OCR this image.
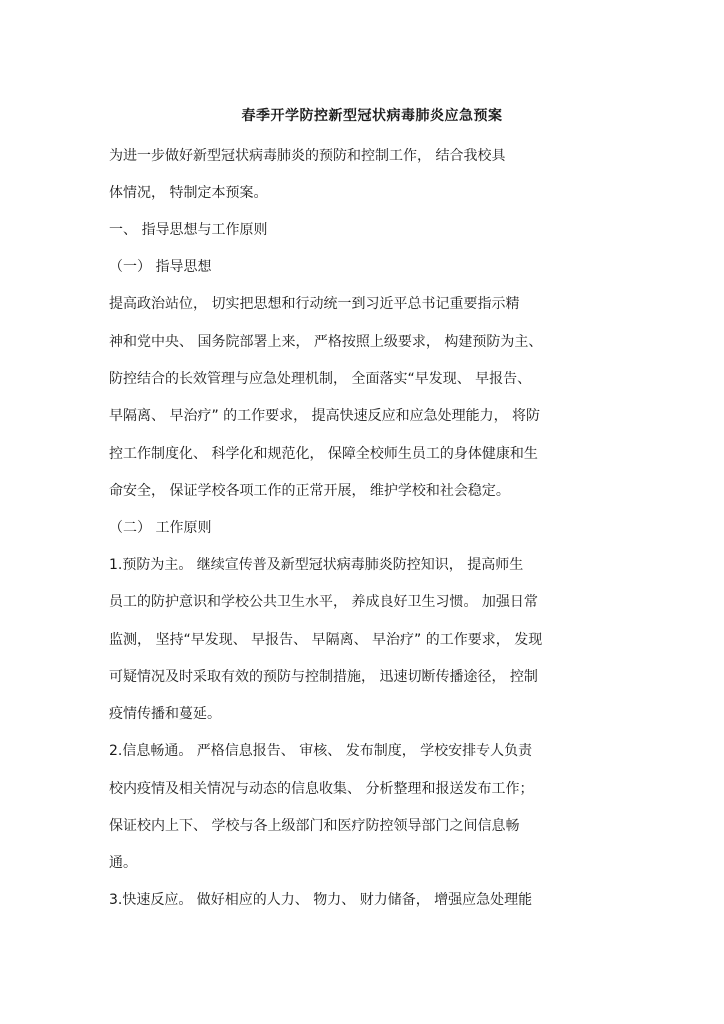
春季开学防控新型冠状病毒肺炎应急预案
为进一步做好新型冠状病毒肺炎的预防和控制工作， 结合我校具
体情况， 特制定本预案。
一、 指导思想与工作原则
（一） 指导思想
提高政治站位， 切实把思想和行动统一到习近平总书记重要指示精
神和党中央、 国务院部署上来， 严格按照上级要求， 构建预防为主、
防控结合的长效管理与应急处理机制， 全面落实“早发现、 早报告、
早隔离、 早治疗” 的工作要求， 提高快速反应和应急处理能力， 将防
控工作制度化、 科学化和规范化， 保障全校师生员工的身体健康和生
命安全， 保证学校各项工作的正常开展， 维护学校和社会稳定。
（二） 工作原则
1.预防为主。 继续宣传普及新型冠状病毒肺炎防控知识， 提高师生
员工的防护意识和学校公共卫生水平， 养成良好卫生习惯。 加强日常
监测， 坚持“早发现、 早报告、 早隔离、 早治疗” 的工作要求， 发现
可疑情况及时采取有效的预防与控制措施， 迅速切断传播途径， 控制
疫情传播和蔓延。
2.信息畅通。 严格信息报告、 审核、 发布制度， 学校安排专人负责
校内疫情及相关情况与动态的信息收集、 分析整理和报送发布工作；
保证校内上下、 学校与各上级部门和医疗防控领导部门之间信息畅
通。
3.快速反应。 做好相应的人力、 物力、 财力储备， 增强应急处理能
